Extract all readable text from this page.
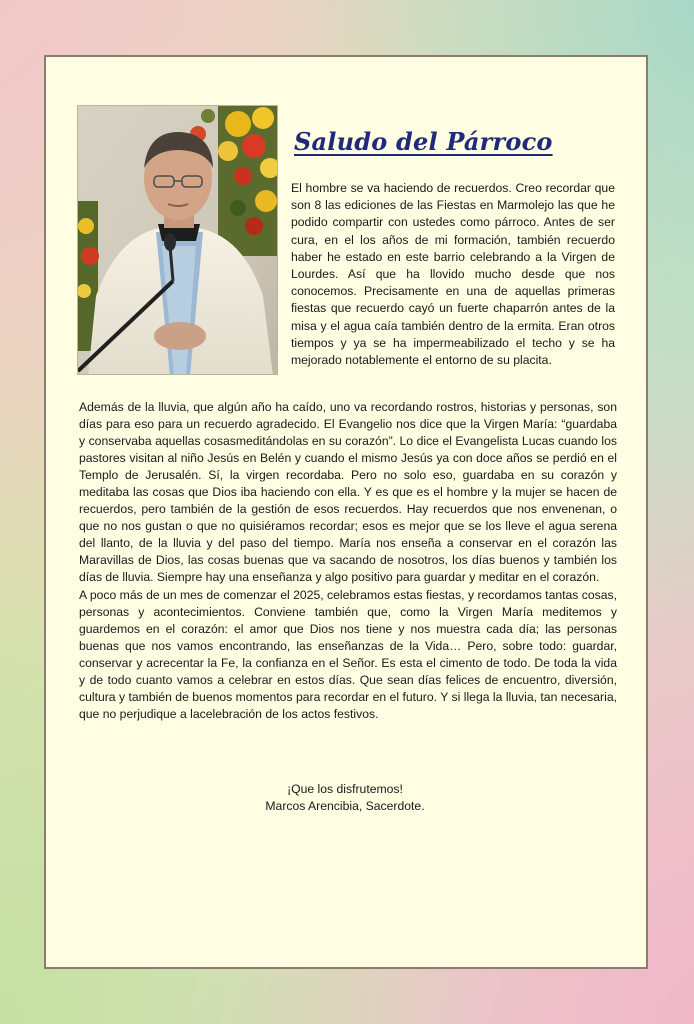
Saludo del Párroco
El hombre se va haciendo de recuerdos. Creo recordar que son 8 las ediciones de las Fiestas en Marmolejo las que he podido compartir con ustedes como párroco. Antes de ser cura, en el los años de mi formación, también recuerdo haber he estado en este barrio celebrando a la Virgen de Lourdes. Así que ha llovido mucho desde que nos conocemos. Precisamente en una de aquellas primeras fiestas que recuerdo cayó un fuerte chaparrón antes de la misa y el agua caía también dentro de la ermita. Eran otros tiempos y ya se ha impermeabilizado el techo y se ha mejorado notablemente el entorno de su placita.

Además de la lluvia, que algún año ha caído, uno va recordando rostros, historias y personas, son días para eso para un recuerdo agradecido. El Evangelio nos dice que la Virgen María: “guardaba y conservaba aquellas cosasmeditándolas en su corazón”. Lo dice el Evangelista Lucas cuando los pastores visitan al niño Jesús en Belén y cuando el mismo Jesús ya con doce años se perdió en el Templo de Jerusalén. Sí, la virgen recordaba. Pero no solo eso, guardaba en su corazón y meditaba las cosas que Dios iba haciendo con ella. Y es que es el hombre y la mujer se hacen de recuerdos, pero también de la gestión de esos recuerdos. Hay recuerdos que nos envenenan, o que no nos gustan o que no quisiéramos recordar; esos es mejor que se los lleve el agua serena del llanto, de la lluvia y del paso del tiempo. María nos enseña a conservar en el corazón las Maravillas de Dios, las cosas buenas que va sacando de nosotros, los días buenos y también los días de lluvia. Siempre hay una enseñanza y algo positivo para guardar y meditar en el corazón.

A poco más de un mes de comenzar el 2025, celebramos estas fiestas, y recordamos tantas cosas, personas y acontecimientos. Conviene también que, como la Virgen María meditemos y guardemos en el corazón: el amor que Dios nos tiene y nos muestra cada día; las personas buenas que nos vamos encontrando, las enseñanzas de la Vida… Pero, sobre todo: guardar, conservar y acrecentar la Fe, la confianza en el Señor. Es esta el cimento de todo. De toda la vida y de todo cuanto vamos a celebrar en estos días. Que sean días felices de encuentro, diversión, cultura y también de buenos momentos para recordar en el futuro. Y si llega la lluvia, tan necesaria, que no perjudique a lacelebración de los actos festivos.

¡Que los disfrutemos!
Marcos Arencibia, Sacerdote.
